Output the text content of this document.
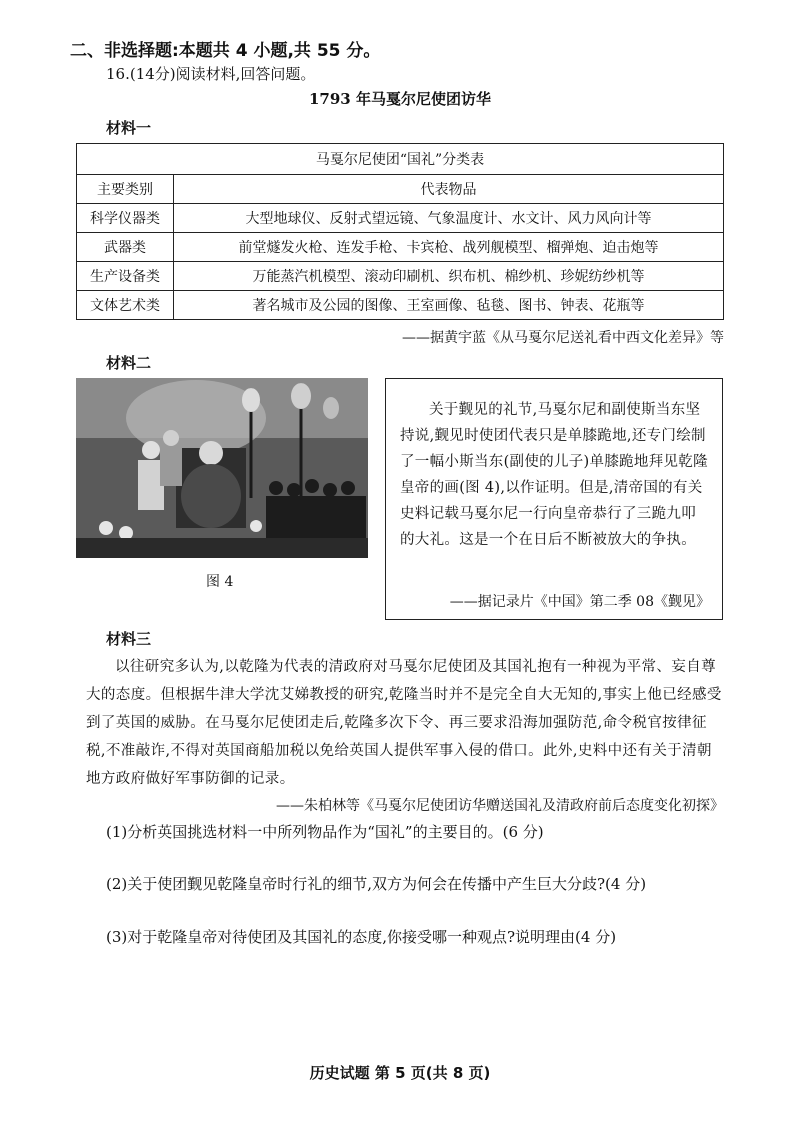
二、非选择题:本题共 4 小题,共 55 分。
16.(14分)阅读材料,回答问题。
1793 年马戛尔尼使团访华
材料一
马戛尔尼使团“国礼”分类表	
主要类别	代表物品
科学仪器类	大型地球仪、反射式望远镜、气象温度计、水文计、风力风向计等
武器类	前堂燧发火枪、连发手枪、卡宾枪、战列舰模型、榴弹炮、迫击炮等
生产设备类	万能蒸汽机模型、滚动印刷机、织布机、棉纱机、珍妮纺纱机等
文体艺术类	著名城市及公园的图像、王室画像、毡毯、图书、钟表、花瓶等
——据黄宇蓝《从马戛尔尼送礼看中西文化差异》等
材料二
图 4

关于觐见的礼节,马戛尔尼和副使斯当东坚持说,觐见时使团代表只是单膝跪地,还专门绘制了一幅小斯当东(副使的儿子)单膝跪地拜见乾隆皇帝的画(图 4),以作证明。但是,清帝国的有关史料记载马戛尔尼一行向皇帝恭行了三跪九叩的大礼。这是一个在日后不断被放大的争执。

——据记录片《中国》第二季 08《觐见》
材料三

以往研究多认为,以乾隆为代表的清政府对马戛尔尼使团及其国礼抱有一种视为平常、妄自尊大的态度。但根据牛津大学沈艾娣教授的研究,乾隆当时并不是完全自大无知的,事实上他已经感受到了英国的威胁。在马戛尔尼使团走后,乾隆多次下令、再三要求沿海加强防范,命令税官按律征税,不准敲诈,不得对英国商船加税以免给英国人提供军事入侵的借口。此外,史料中还有关于清朝地方政府做好军事防御的记录。

——朱柏林等《马戛尔尼使团访华赠送国礼及清政府前后态度变化初探》
(1)分析英国挑选材料一中所列物品作为“国礼”的主要目的。(6 分)
(2)关于使团觐见乾隆皇帝时行礼的细节,双方为何会在传播中产生巨大分歧?(4 分)
(3)对于乾隆皇帝对待使团及其国礼的态度,你接受哪一种观点?说明理由(4 分)
历史试题 第 5 页(共 8 页)
